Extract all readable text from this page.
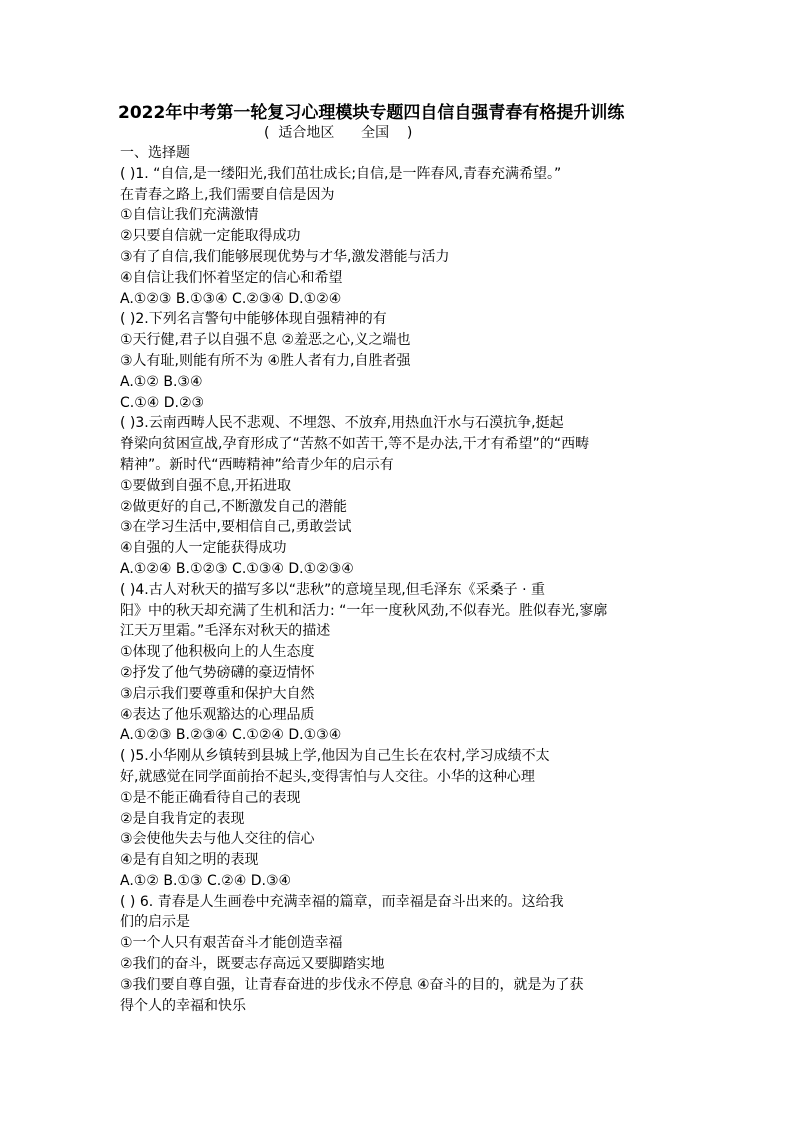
2022年中考第一轮复习心理模块专题四自信自强青春有格提升训练
(  适合地区      全国    )
一、选择题
( )1. “自信,是一缕阳光,我们茁壮成长;自信,是一阵春风,青春充满希望。”
在青春之路上,我们需要自信是因为
①自信让我们充满激情
②只要自信就一定能取得成功
③有了自信,我们能够展现优势与才华,激发潜能与活力
④自信让我们怀着坚定的信心和希望
A.①②③ B.①③④ C.②③④ D.①②④
( )2.下列名言警句中能够体现自强精神的有
①天行健,君子以自强不息 ②羞恶之心,义之端也
③人有耻,则能有所不为 ④胜人者有力,自胜者强
A.①② B.③④
C.①④ D.②③
( )3.云南西畴人民不悲观、不埋怨、不放弃,用热血汗水与石漠抗争,挺起
脊梁向贫困宣战,孕育形成了“苦熬不如苦干,等不是办法,干才有希望”的“西畴
精神”。新时代“西畴精神”给青少年的启示有
①要做到自强不息,开拓进取
②做更好的自己,不断激发自己的潜能
③在学习生活中,要相信自己,勇敢尝试
④自强的人一定能获得成功
A.①②④ B.①②③ C.①③④ D.①②③④
( )4.古人对秋天的描写多以“悲秋”的意境呈现,但毛泽东《采桑子 · 重
阳》中的秋天却充满了生机和活力: “一年一度秋风劲,不似春光。胜似春光,寥廓
江天万里霜。”毛泽东对秋天的描述
①体现了他积极向上的人生态度
②抒发了他气势磅礴的豪迈情怀
③启示我们要尊重和保护大自然
④表达了他乐观豁达的心理品质
A.①②③ B.②③④ C.①②④ D.①③④
( )5.小华刚从乡镇转到县城上学,他因为自己生长在农村,学习成绩不太
好,就感觉在同学面前抬不起头,变得害怕与人交往。小华的这种心理
①是不能正确看待自己的表现
②是自我肯定的表现
③会使他失去与他人交往的信心
④是有自知之明的表现
A.①② B.①③ C.②④ D.③④
( ) 6. 青春是人生画卷中充满幸福的篇章，而幸福是奋斗出来的。这给我
们的启示是
①一个人只有艰苦奋斗才能创造幸福
②我们的奋斗，既要志存高远又要脚踏实地
③我们要自尊自强，让青春奋进的步伐永不停息 ④奋斗的目的，就是为了获
得个人的幸福和快乐
